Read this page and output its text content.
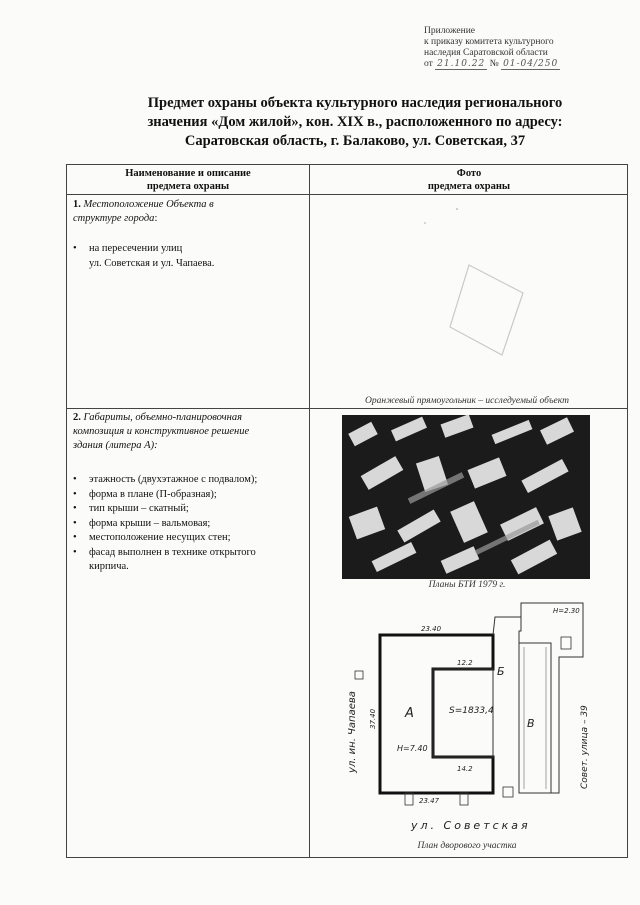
Приложение
к приказу комитета культурного
наследия Саратовской области
от 21.10.22 № 01-04/250
Предмет охраны объекта культурного наследия регионального
значения «Дом жилой», кон. XIX в., расположенного по адресу:
Саратовская область, г. Балаково, ул. Советская, 37
Наименование и описание
предмета охраны
Фото
предмета охраны
1. Местоположение Объекта в
структуре города:
• на пересечении улиц
ул. Советская и ул. Чапаева.
Оранжевый прямоугольник – исследуемый объект
2. Габариты, объемно-планировочная
композиция и конструктивное решение
здания (литера А):
• этажность (двухэтажное с подвалом);
• форма в плане (П-образная);
• тип крыши – скатный;
• форма крыши – вальмовая;
• местоположение несущих стен;
• фасад выполнен в технике открытого
кирпича.
Планы БТИ 1979 г.
А
Б
В
S=1833,4
H=7.40
H=2.30
37.40
23.40
23.47
12.2
14.2
ул. ин. Чапаева
ул. Советская
Совет. улица – 39
План дворового участка
